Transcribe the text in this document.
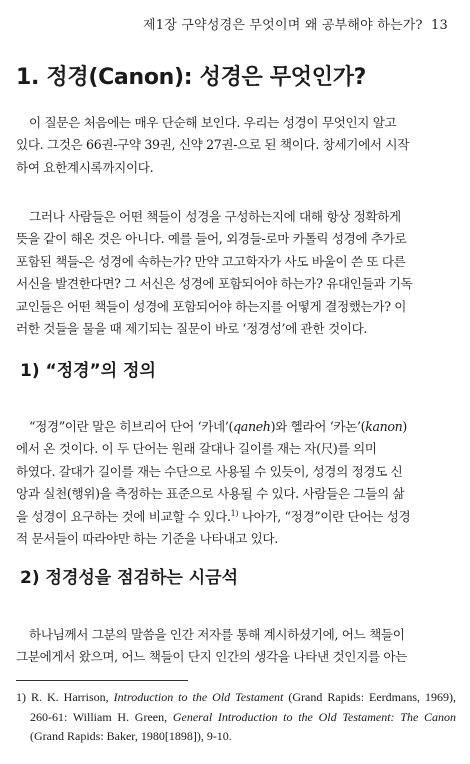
제1장 구약성경은 무엇이며 왜 공부해야 하는가? 13
1. 정경(Canon): 성경은 무엇인가?

이 질문은 처음에는 매우 단순해 보인다. 우리는 성경이 무엇인지 알고
있다. 그것은 66권-구약 39권, 신약 27권-으로 된 책이다. 창세기에서 시작
하여 요한계시록까지이다.

그러나 사람들은 어떤 책들이 성경을 구성하는지에 대해 항상 정확하게
뜻을 같이 해온 것은 아니다. 예를 들어, 외경들-로마 카톨릭 성경에 추가로
포함된 책들-은 성경에 속하는가? 만약 고고학자가 사도 바울이 쓴 또 다른
서신을 발견한다면? 그 서신은 성경에 포함되어야 하는가? 유대인들과 기독
교인들은 어떤 책들이 성경에 포함되어야 하는지를 어떻게 결정했는가? 이
러한 것들을 물을 때 제기되는 질문이 바로 ‘정경성’에 관한 것이다.

1) “정경”의 정의

“정경”이란 말은 히브리어 단어 ‘카네’(qaneh)와 헬라어 ‘카논’(kanon)
에서 온 것이다. 이 두 단어는 원래 갈대나 길이를 재는 자(尺)를 의미
하였다. 갈대가 길이를 재는 수단으로 사용될 수 있듯이, 성경의 정경도 신
앙과 실천(행위)을 측정하는 표준으로 사용될 수 있다. 사람들은 그들의 삶
을 성경이 요구하는 것에 비교할 수 있다.$^{1)}$ 나아가, “정경”이란 단어는 성경
적 문서들이 따라야만 하는 기준을 나타내고 있다.

2) 정경성을 점검하는 시금석

하나님께서 그분의 말씀을 인간 저자를 통해 계시하셨기에, 어느 책들이
그분에게서 왔으며, 어느 책들이 단지 인간의 생각을 나타낸 것인지를 아는

1) R. K. Harrison, Introduction to the Old Testament (Grand Rapids: Eerdmans, 1969), 260-61: William H. Green, General Introduction to the Old Testament: The Canon (Grand Rapids: Baker, 1980[1898]), 9-10.
